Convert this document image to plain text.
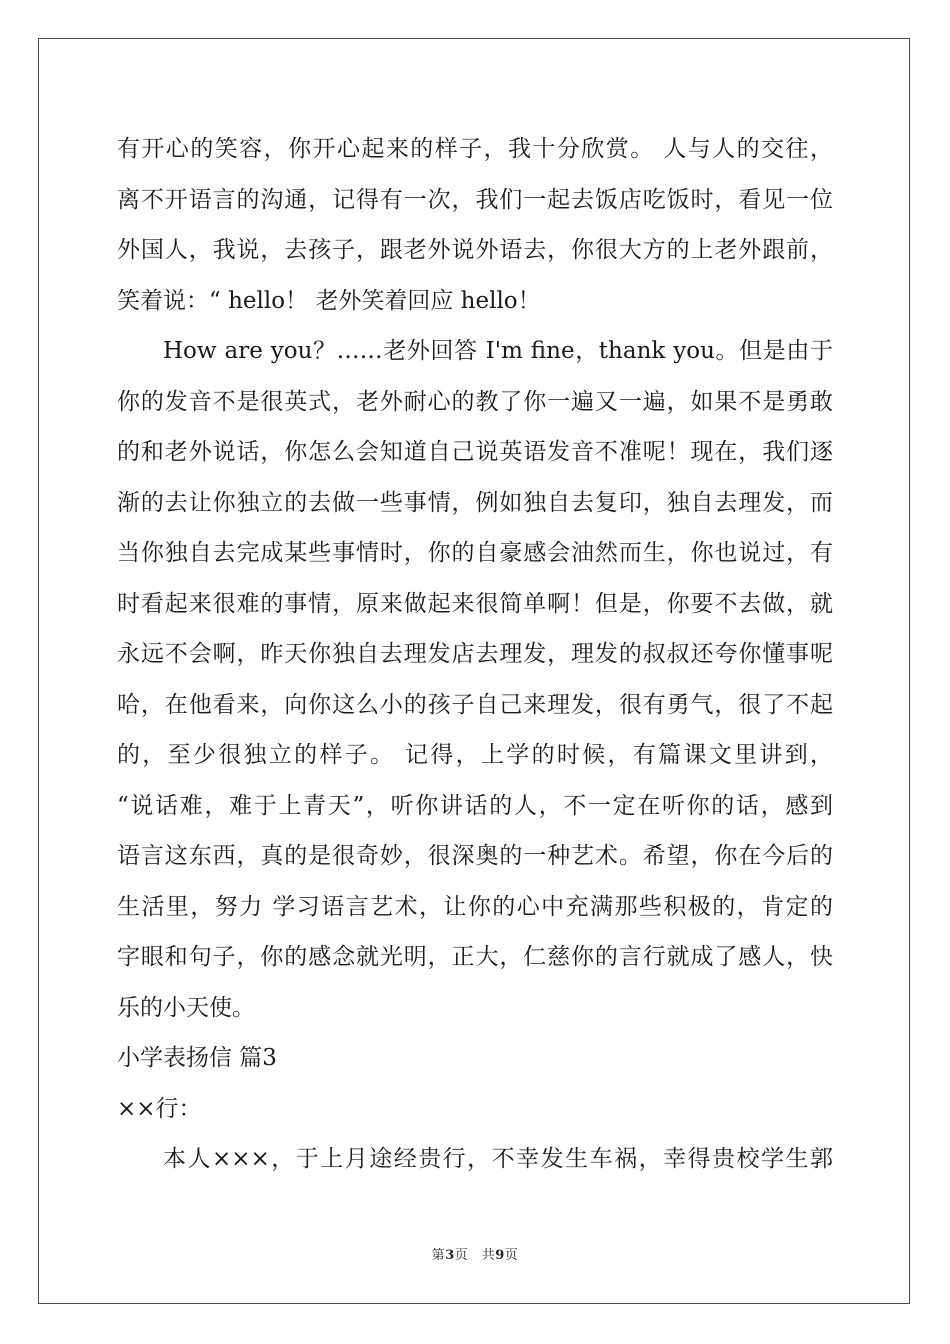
有开心的笑容，你开心起来的样子，我十分欣赏。 人与人的交往，
离不开语言的沟通，记得有一次，我们一起去饭店吃饭时，看见一位
外国人，我说，去孩子，跟老外说外语去，你很大方的上老外跟前，
笑着说：“ hello！ 老外笑着回应 hello！
How are you？……老外回答 I'm fine，thank you。但是由于
你的发音不是很英式，老外耐心的教了你一遍又一遍，如果不是勇敢
的和老外说话，你怎么会知道自己说英语发音不准呢！现在，我们逐
渐的去让你独立的去做一些事情，例如独自去复印，独自去理发，而
当你独自去完成某些事情时，你的自豪感会油然而生，你也说过，有
时看起来很难的事情，原来做起来很简单啊！但是，你要不去做，就
永远不会啊，昨天你独自去理发店去理发，理发的叔叔还夸你懂事呢
哈，在他看来，向你这么小的孩子自己来理发，很有勇气，很了不起
的，至少很独立的样子。 记得，上学的时候，有篇课文里讲到，
“说话难，难于上青天”，听你讲话的人，不一定在听你的话，感到
语言这东西，真的是很奇妙，很深奥的一种艺术。希望，你在今后的
生活里，努力 学习语言艺术，让你的心中充满那些积极的，肯定的
字眼和句子，你的感念就光明，正大，仁慈你的言行就成了感人，快
乐的小天使。
小学表扬信 篇3
××行：
本人×××，于上月途经贵行，不幸发生车祸，幸得贵校学生郭
第3页　共9页
